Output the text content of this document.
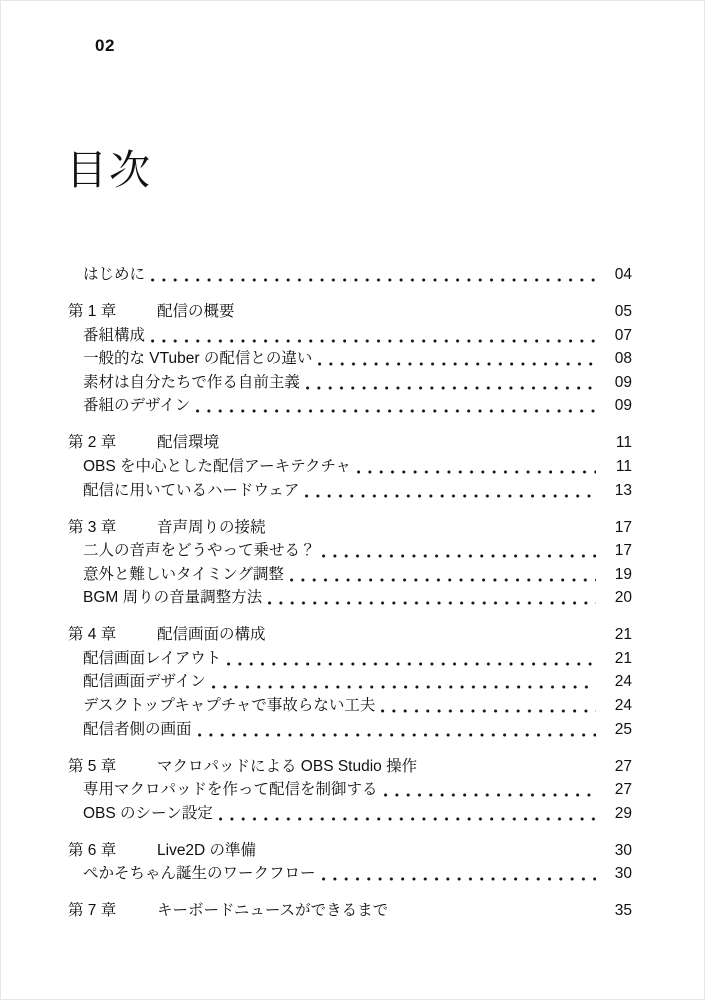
02
目次
はじめに	04
第 1 章	配信の概要	05
番組構成	07
一般的な VTuber の配信との違い	08
素材は自分たちで作る自前主義	09
番組のデザイン	09
第 2 章	配信環境	11
OBS を中心とした配信アーキテクチャ	11
配信に用いているハードウェア	13
第 3 章	音声周りの接続	17
二人の音声をどうやって乗せる？	17
意外と難しいタイミング調整	19
BGM 周りの音量調整方法	20
第 4 章	配信画面の構成	21
配信画面レイアウト	21
配信画面デザイン	24
デスクトップキャプチャで事故らない工夫	24
配信者側の画面	25
第 5 章	マクロパッドによる OBS Studio 操作	27
専用マクロパッドを作って配信を制御する	27
OBS のシーン設定	29
第 6 章	Live2D の準備	30
ぺかそちゃん誕生のワークフロー	30
第 7 章	キーボードニュースができるまで	35
